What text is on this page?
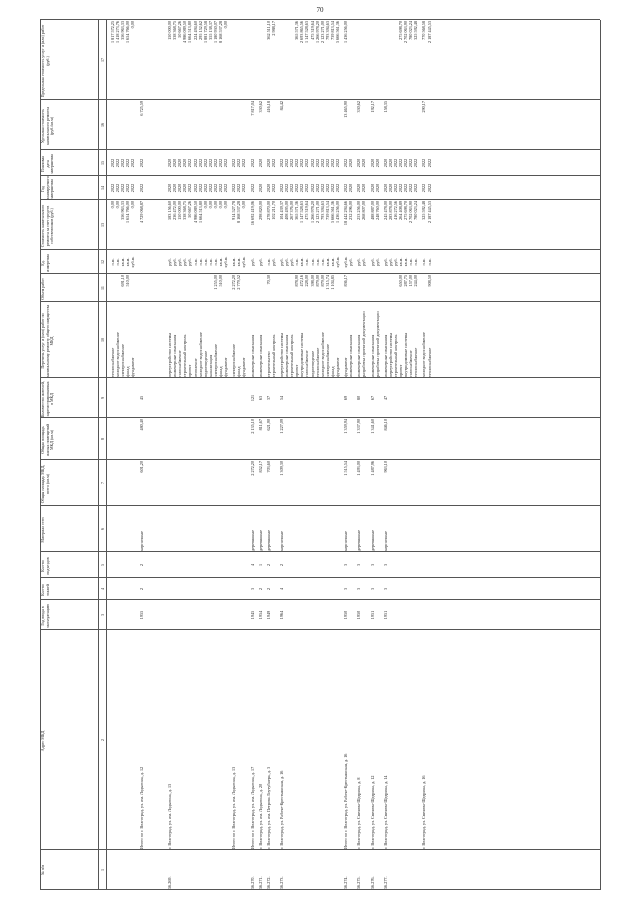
70
№ п/п
Адрес МКД
Год ввода в эксплуатацию
Кол-во этажей
Кол-во подъездов
Материал стен
Общая площадь МКД, всего (кв.м)
Общая площадь жилых помещений МКД (кв.м)
Количество жителей, зарегистрированных в МКД
Перечень услуг и (или) работ по капитальному ремонту общего имущества МКД
Объем работ
Ед. измерения
Стоимость капитального ремонта за счет средств собственников (руб.)
Год планируемого завершения
Плановая дата завершения
Удельная стоимость капитального ремонта (руб./кв.м)
Предельная стоимость услуг и (или) работ (руб.)
1
2
3
4
5
6
7
8
9
10
11
12
13
14
15
16
17
теплоснабжение
п.м.
0,00
2022
2022
1 817 572,25
холодное водоснабжение
п.м.
0,00
2022
2022
1 418 273,76
электроснабжение
691,10
кв.м.
356 963,33
2022
2022
356 963,33
фасад
510,00
кв.м.
1 654 766,00
2022
2022
1 654 766,00
фундамент
куб.м.
0,00
2022
2022
0,00
Итого по г. Волгоград, ул. им. Лодыгина, д. 12
1955
2
2
кирпичные
601,20
480,40
45
6 725,59
4 729 068,87
2022
2022
56.269.
г. Волгоград, ул. им. Лодыгина, д. 13
переустройство системы
руб.
583 156,60
2020
2020
150 000,00
инженерные изыскания
руб.
236 472,00
2020
2020
338 368,75
газоснабжение
руб.
150 000,00
2020
2020
50 667,26
строительный контроль
руб.
338 368,75
2020
2020
4 986 089,50
проект
руб.
50 667,26
2022
2022
1 664 513,80
отопление
п.м.
4 986 089,50
2022
2022
224 494,60
холодное водоснабжение
п.м.
1 664 513,80
2022
2022
295 152,62
водоотведение
п.м.
0,00
2022
2022
1 881 729,58
канализация
п.м.
0,00
2022
2022
355 138,37
электроснабжение
1 255,00
п.м.
0,00
2022
2022
1 180 930,07
фасад
510,00
кв.м.
0,00
2022
2022
8 168 537,28
фундамент
куб.м.
0,00
2022
2022
0,00
Итого по г. Волгоград, ул. им. Лодыгина, д. 13
электроснабжение
2 272,20
кв.м.
914 527,78
2022
2022
фасад
2 779,52
кв.м.
8 168 537,28
2022
2022
фундамент
куб.м.
0,00
2022
2022
56.270.
Итого по г. Волгоград, ул. им. Лодыгина, д. 17
1945
3
4
деревянные
2 272,20
2 135,10
121
7 817,04
инженерные изыскания
руб.
16 692 419,06
2022
2022
56.271.
г. Волгоград, ул. им. Лодыгина, д. 20
1954
2
1
деревянные
852,17
811,67
63
330,62
инженерные изыскания
руб.
298 820,00
2020
2020
56.272.
г. Волгоград, ул. им. Петрова Лоутуйнера, д. 3
1949
2
2
деревянные
703,60
621,90
37
416,18
строительство
70,30
п.м.
278 870,00
2020
2020
362 511,10
строительный контроль
руб.
102 211,70
2022
2022
2 988,17
56.273.
г. Волгоград, ул. Рабоче-Крестьянская, д. 16
1964
4
2
кирпичные
1 309,30
1 227,09
54
84,42
переустройство системы
руб.
104 439,37
2022
2022
инженерные изыскания
руб.
408 495,00
2022
2022
строительный контроль
руб.
267 376,00
2022
2022
проект
878,90
п.м.
365 571,36
2022
2022
365 571,36
внутридомовые системы
472,16
кв.м.
1 147 528,63
2022
2022
2 693 865,56
газоснабжение
228,00
п.м.
475 319,64
2022
2022
1 147 528,63
водоотведение
398,00
п.м.
1 266 978,20
2022
2022
475 319,64
теплоснабжение
879,00
п.м.
2 123 271,00
2022
2022
1 266 978,20
холодное водоснабжение
879,00
п.м.
793 394,63
2022
2022
2 123 271,00
электроснабжение
1 315,74
кв.м.
739 813,54
2022
2022
793 394,63
фасад
1 104,85
кв.м.
5 666 561,36
2022
2022
739 813,54
фундамент
куб.м.
1 436 256,00
2022
2022
5 666 561,36
56.274.
Итого по г. Волгоград, ул. Рабоче-Крестьянская, д. 16
1950
3
3
кирпичные
1 515,54
1 359,94
69
13 465,90
фундамент
836,17
куб.м.
18 442 294,66
2022
2022
1 436 256,00
инженерные изыскания
руб.
232 296,00
2020
2020
56.275.
г. Волгоград, ул. Смехова-Щедрина, д. 8
1950
3
3
деревянные
1 493,00
1 337,90
80
330,62
инженерные изыскания
руб.
253 256,00
2020
2020
разработка проектной документации
руб.
268 807,00
2020
2020
56.276.
г. Волгоград, ул. Смехова-Щедрина, д. 12
1951
3
3
деревянные
1 487,96
1 341,60
67
192,17
инженерные изыскания
руб.
488 887,00
2020
2020
разработка проектной документации
руб.
248 760,00
2020
2020
56.277.
г. Волгоград, ул. Смехова-Щедрина, д. 14
1951
3
3
кирпичные
963,10
846,10
47
158,35
инженерные изыскания
руб.
245 478,00
2020
2020
переустройство системы
руб.
283 878,00
2020
2020
строительный контроль
руб.
416 272,56
2022
2022
проект
650,00
кв.м.
264 408,89
2022
2022
275 698,70
внутридомовые системы
287,75
кв.м.
275 698,70
2022
2022
2 702 063,90
газоснабжение
157,00
п.м.
2 702 063,90
2022
2022
780 023,24
теплоснабжение
244,00
п.м.
780 023,24
2022
2022
325 592,48
г. Волгоград, ул. Смехова-Щедрина, д. 16
290,17
холодное водоснабжение
п.м.
325 592,48
2022
2022
770 568,58
теплоснабжение
908,50
п.м.
2 187 445,53
2022
2022
2 187 445,53
